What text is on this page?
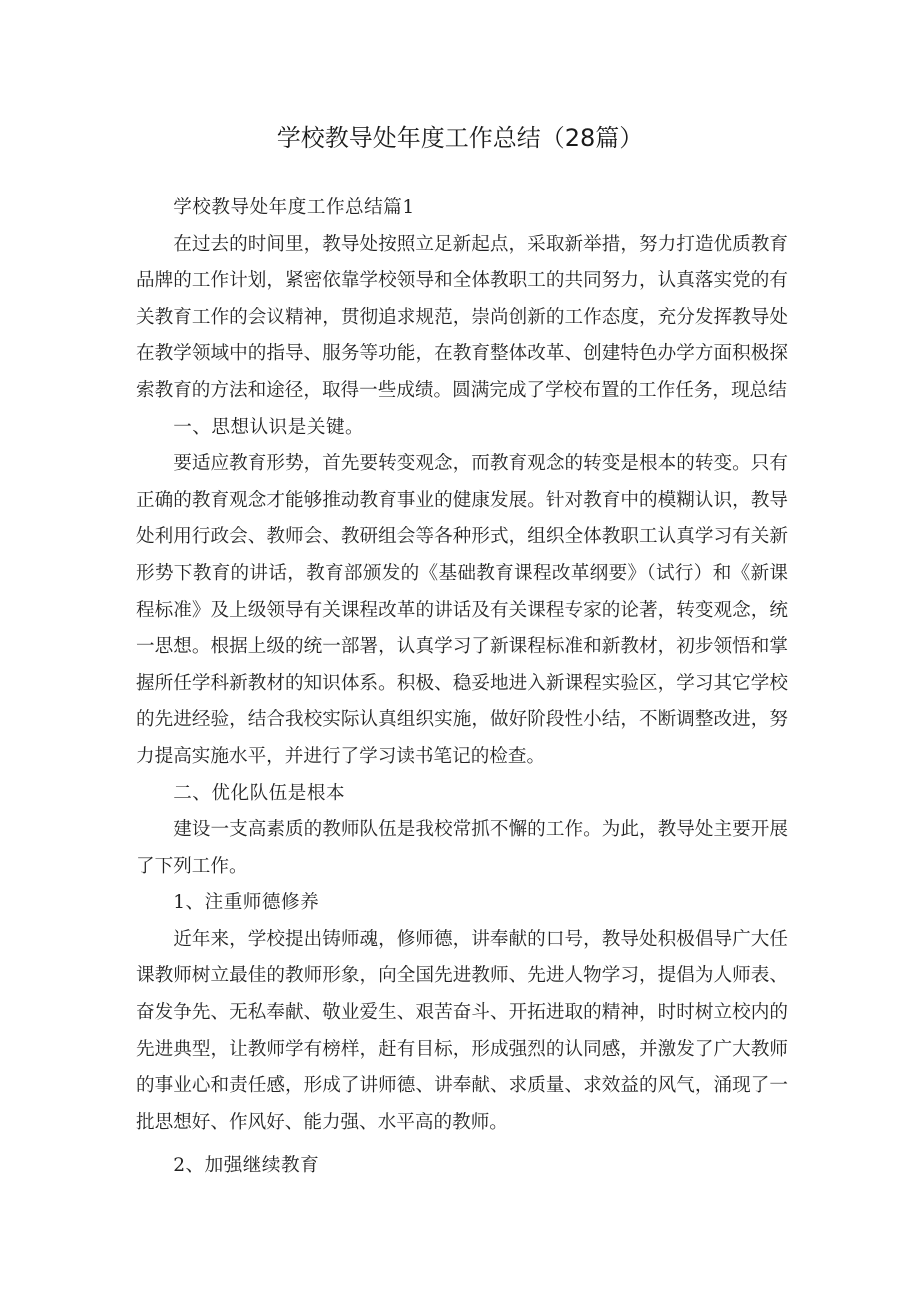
学校教导处年度工作总结（28篇）

学校教导处年度工作总结篇1

在过去的时间里，教导处按照立足新起点，采取新举措，努力打造优质教育品牌的工作计划，紧密依靠学校领导和全体教职工的共同努力，认真落实党的有关教育工作的会议精神，贯彻追求规范，崇尚创新的工作态度，充分发挥教导处在教学领域中的指导、服务等功能，在教育整体改革、创建特色办学方面积极探索教育的方法和途径，取得一些成绩。圆满完成了学校布置的工作任务，现总结

一、思想认识是关键。

要适应教育形势，首先要转变观念，而教育观念的转变是根本的转变。只有正确的教育观念才能够推动教育事业的健康发展。针对教育中的模糊认识，教导处利用行政会、教师会、教研组会等各种形式，组织全体教职工认真学习有关新形势下教育的讲话，教育部颁发的《基础教育课程改革纲要》（试行）和《新课程标准》及上级领导有关课程改革的讲话及有关课程专家的论著，转变观念，统一思想。根据上级的统一部署，认真学习了新课程标准和新教材，初步领悟和掌握所任学科新教材的知识体系。积极、稳妥地进入新课程实验区，学习其它学校的先进经验，结合我校实际认真组织实施，做好阶段性小结，不断调整改进，努力提高实施水平，并进行了学习读书笔记的检查。

二、优化队伍是根本

建设一支高素质的教师队伍是我校常抓不懈的工作。为此，教导处主要开展了下列工作。

1、注重师德修养

近年来，学校提出铸师魂，修师德，讲奉献的口号，教导处积极倡导广大任课教师树立最佳的教师形象，向全国先进教师、先进人物学习，提倡为人师表、奋发争先、无私奉献、敬业爱生、艰苦奋斗、开拓进取的精神，时时树立校内的先进典型，让教师学有榜样，赶有目标，形成强烈的认同感，并激发了广大教师的事业心和责任感，形成了讲师德、讲奉献、求质量、求效益的风气，涌现了一批思想好、作风好、能力强、水平高的教师。

2、加强继续教育
